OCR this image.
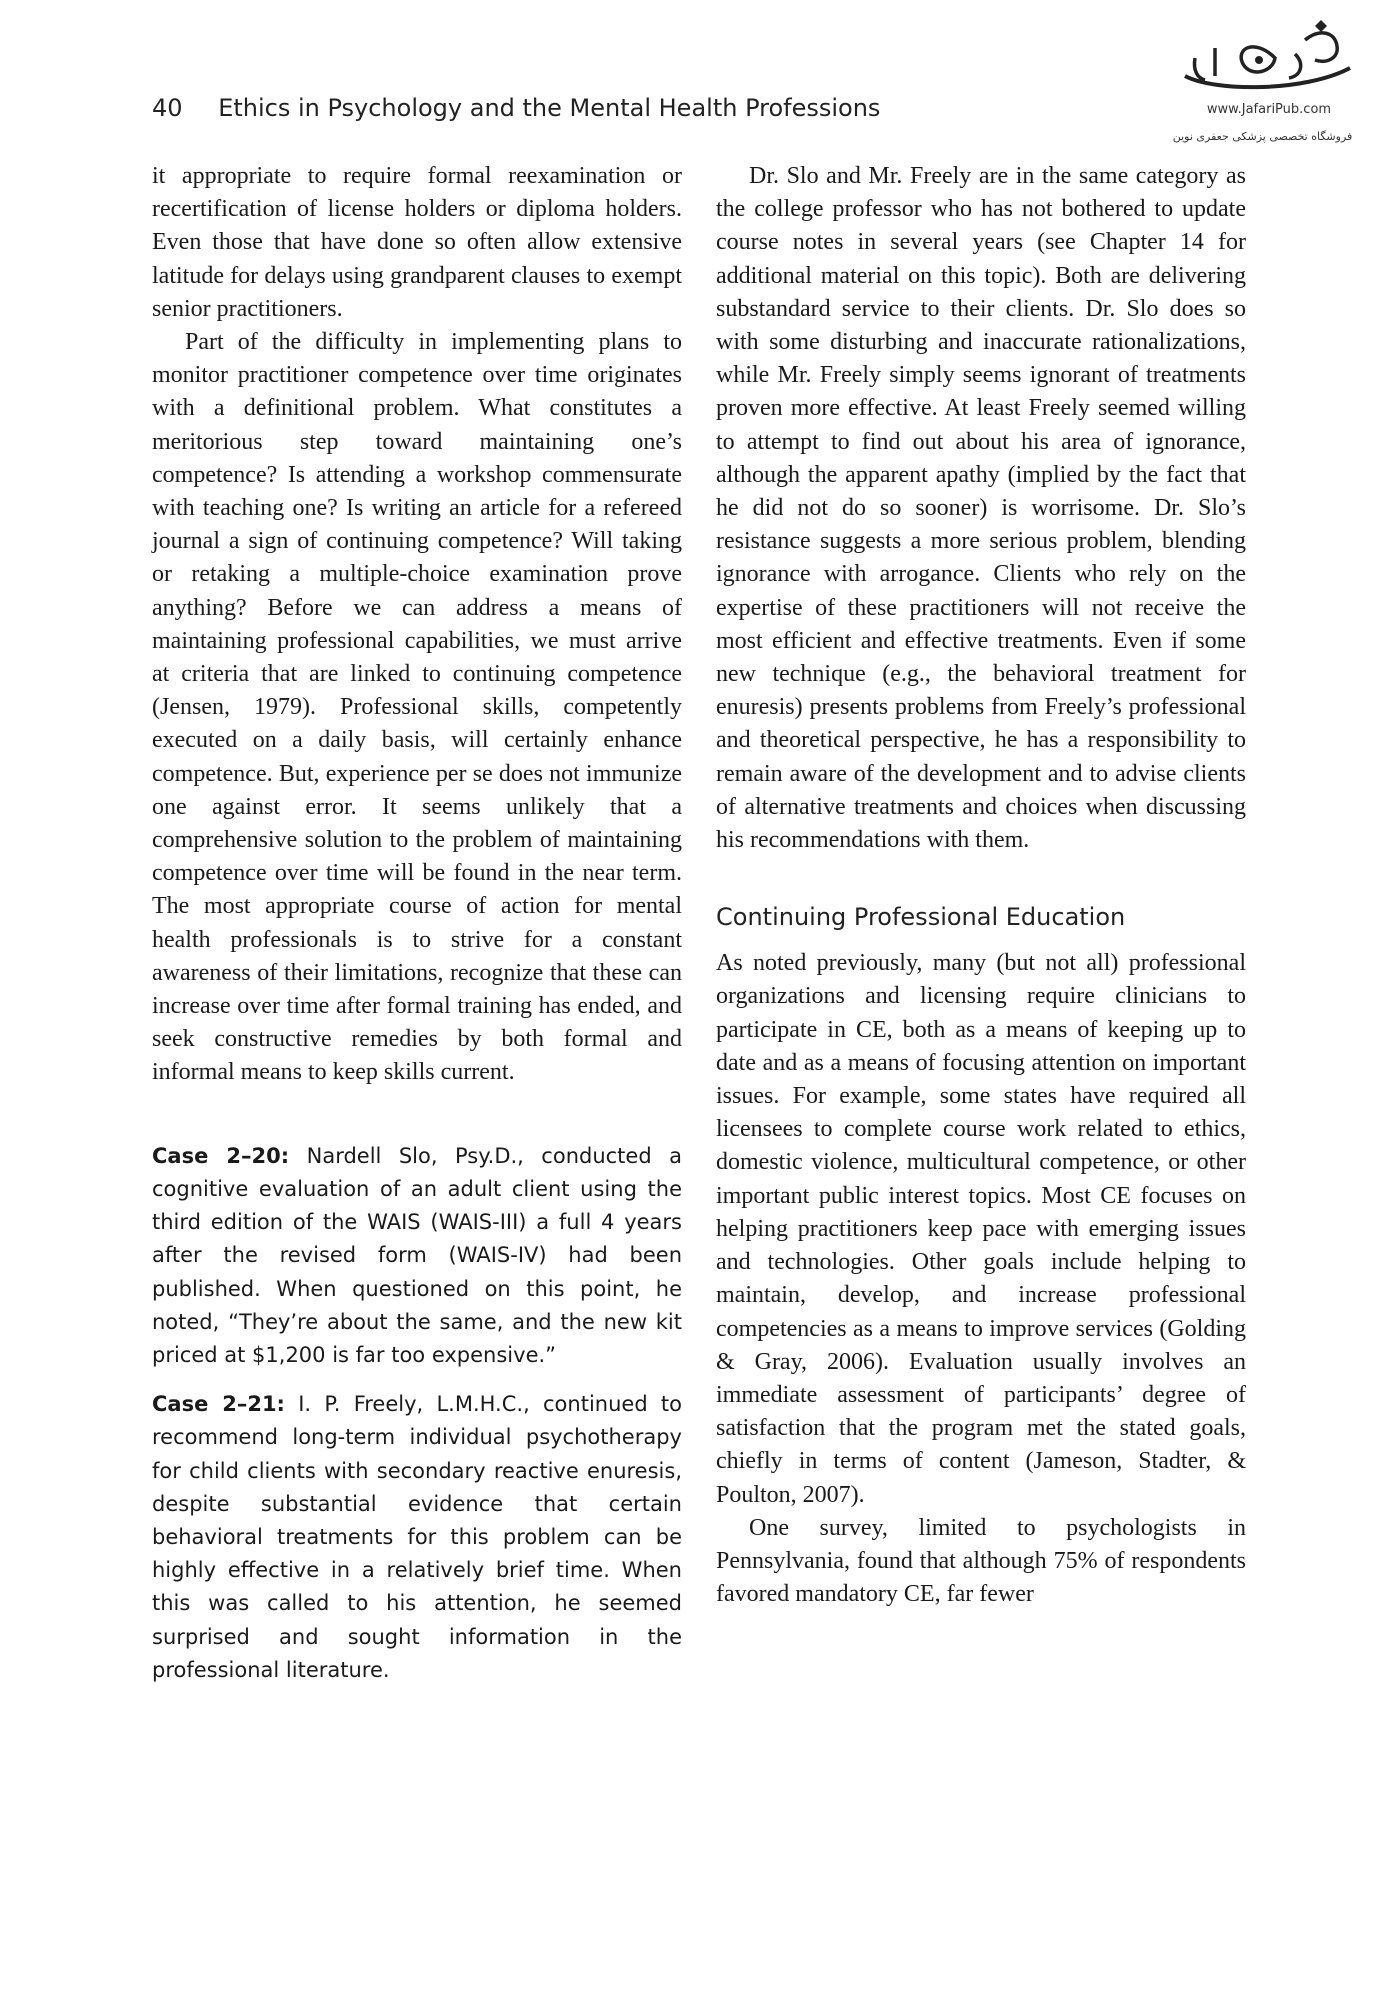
40 Ethics in Psychology and the Mental Health Professions	www.JafariPub.com
فروشگاه تخصصی پزشکی جعفری نوین

it appropriate to require formal reexamination or recertification of license holders or diploma holders. Even those that have done so often allow extensive latitude for delays using grandparent clauses to exempt senior practitioners.

Part of the difficulty in implementing plans to monitor practitioner competence over time originates with a definitional problem. What constitutes a meritorious step toward maintaining one’s competence? Is attending a workshop commensurate with teaching one? Is writing an article for a refereed journal a sign of continuing competence? Will taking or retaking a multiple-choice examination prove anything? Before we can address a means of maintaining professional capabilities, we must arrive at criteria that are linked to continuing competence (Jensen, 1979). Professional skills, competently executed on a daily basis, will certainly enhance competence. But, experience per se does not immunize one against error. It seems unlikely that a comprehensive solution to the problem of maintaining competence over time will be found in the near term. The most appropriate course of action for mental health professionals is to strive for a constant awareness of their limitations, recognize that these can increase over time after formal training has ended, and seek constructive remedies by both formal and informal means to keep skills current.

Case 2–20: Nardell Slo, Psy.D., conducted a cognitive evaluation of an adult client using the third edition of the WAIS (WAIS-III) a full 4 years after the revised form (WAIS-IV) had been published. When questioned on this point, he noted, “They’re about the same, and the new kit priced at $1,200 is far too expensive.”

Case 2–21: I. P. Freely, L.M.H.C., continued to recommend long-term individual psychotherapy for child clients with secondary reactive enuresis, despite substantial evidence that certain behavioral treatments for this problem can be highly effective in a relatively brief time. When this was called to his attention, he seemed surprised and sought information in the professional literature.

Dr. Slo and Mr. Freely are in the same category as the college professor who has not bothered to update course notes in several years (see Chapter 14 for additional material on this topic). Both are delivering substandard service to their clients. Dr. Slo does so with some disturbing and inaccurate rationalizations, while Mr. Freely simply seems ignorant of treatments proven more effective. At least Freely seemed willing to attempt to find out about his area of ignorance, although the apparent apathy (implied by the fact that he did not do so sooner) is worrisome. Dr. Slo’s resistance suggests a more serious problem, blending ignorance with arrogance. Clients who rely on the expertise of these practitioners will not receive the most efficient and effective treatments. Even if some new technique (e.g., the behavioral treatment for enuresis) presents problems from Freely’s professional and theoretical perspective, he has a responsibility to remain aware of the development and to advise clients of alternative treatments and choices when discussing his recommendations with them.

Continuing Professional Education

As noted previously, many (but not all) professional organizations and licensing require clinicians to participate in CE, both as a means of keeping up to date and as a means of focusing attention on important issues. For example, some states have required all licensees to complete course work related to ethics, domestic violence, multicultural competence, or other important public interest topics. Most CE focuses on helping practitioners keep pace with emerging issues and technologies. Other goals include helping to maintain, develop, and increase professional competencies as a means to improve services (Golding & Gray, 2006). Evaluation usually involves an immediate assessment of participants’ degree of satisfaction that the program met the stated goals, chiefly in terms of content (Jameson, Stadter, & Poulton, 2007).

One survey, limited to psychologists in Pennsylvania, found that although 75% of respondents favored mandatory CE, far fewer
